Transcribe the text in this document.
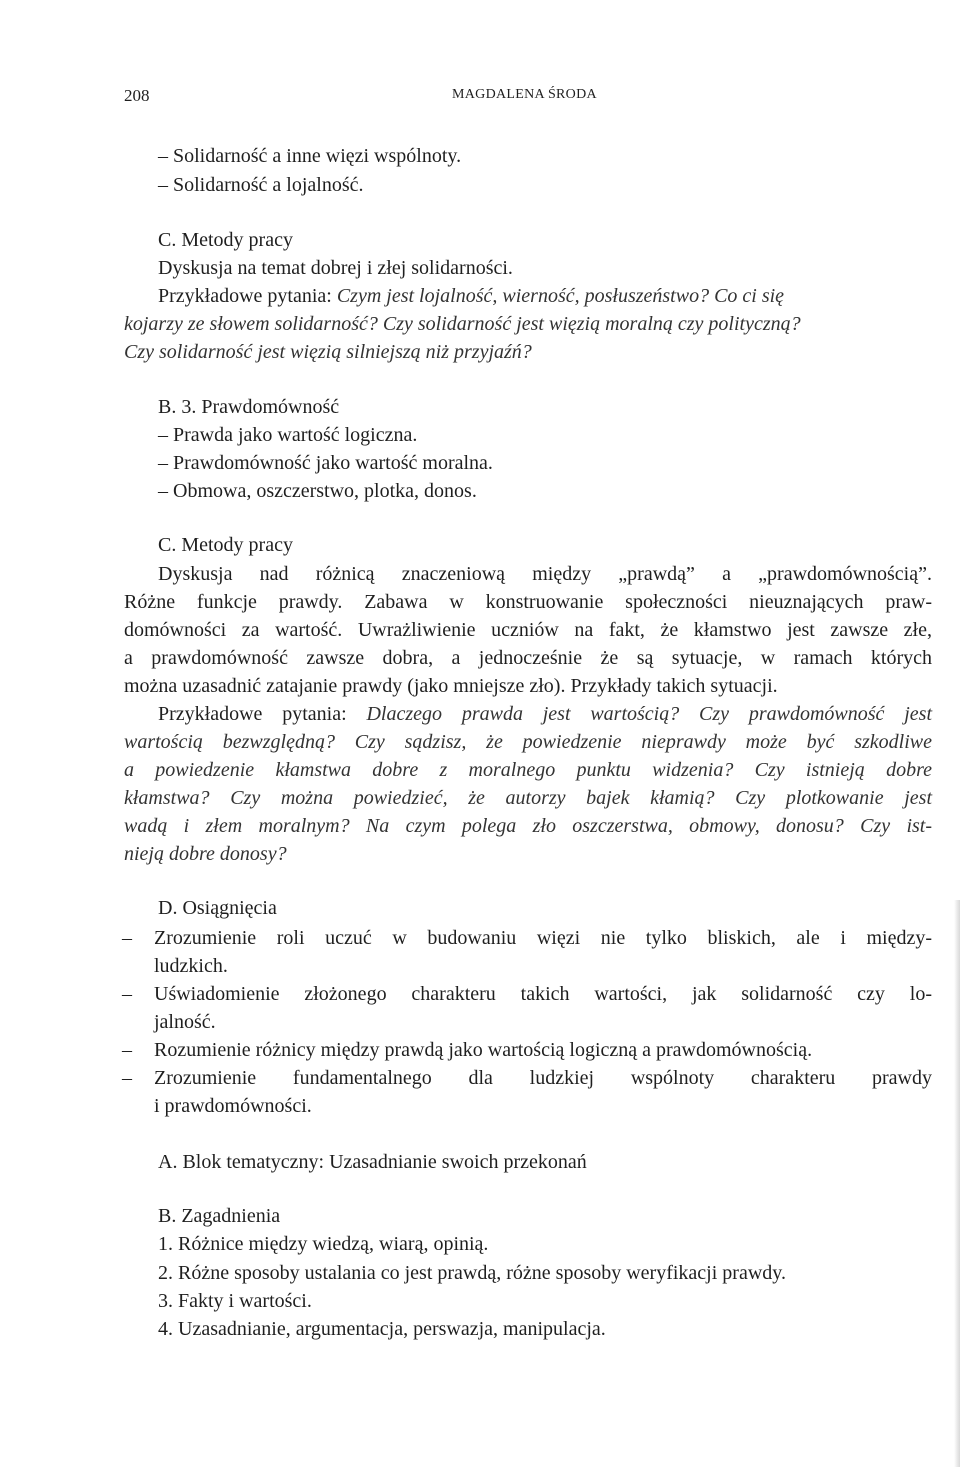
208	MAGDALENA ŚRODA
– Solidarność a inne więzi wspólnoty.
– Solidarność a lojalność.
C. Metody pracy
Dyskusja na temat dobrej i złej solidarności.
Przykładowe pytania: Czym jest lojalność, wierność, posłuszeństwo? Co ci się
kojarzy ze słowem solidarność? Czy solidarność jest więzią moralną czy polityczną?
Czy solidarność jest więzią silniejszą niż przyjaźń?
B. 3. Prawdomówność
– Prawda jako wartość logiczna.
– Prawdomówność jako wartość moralna.
– Obmowa, oszczerstwo, plotka, donos.
C. Metody pracy
Dyskusja nad różnicą znaczeniową między „prawdą” a „prawdomównością”.
Różne funkcje prawdy. Zabawa w konstruowanie społeczności nieuznających praw-
domówności za wartość. Uwrażliwienie uczniów na fakt, że kłamstwo jest zawsze złe,
a prawdomówność zawsze dobra, a jednocześnie że są sytuacje, w ramach których
można uzasadnić zatajanie prawdy (jako mniejsze zło). Przykłady takich sytuacji.
Przykładowe pytania: Dlaczego prawda jest wartością? Czy prawdomówność jest
wartością bezwzględną? Czy sądzisz, że powiedzenie nieprawdy może być szkodliwe
a powiedzenie kłamstwa dobre z moralnego punktu widzenia? Czy istnieją dobre
kłamstwa? Czy można powiedzieć, że autorzy bajek kłamią? Czy plotkowanie jest
wadą i złem moralnym? Na czym polega zło oszczerstwa, obmowy, donosu? Czy ist-
nieją dobre donosy?
D. Osiągnięcia
– Zrozumienie roli uczuć w budowaniu więzi nie tylko bliskich, ale i między-
ludzkich.
– Uświadomienie złożonego charakteru takich wartości, jak solidarność czy lo-
jalność.
– Rozumienie różnicy między prawdą jako wartością logiczną a prawdomównością.
– Zrozumienie fundamentalnego dla ludzkiej wspólnoty charakteru prawdy
i prawdomówności.
A. Blok tematyczny: Uzasadnianie swoich przekonań
B. Zagadnienia
1. Różnice między wiedzą, wiarą, opinią.
2. Różne sposoby ustalania co jest prawdą, różne sposoby weryfikacji prawdy.
3. Fakty i wartości.
4. Uzasadnianie, argumentacja, perswazja, manipulacja.
